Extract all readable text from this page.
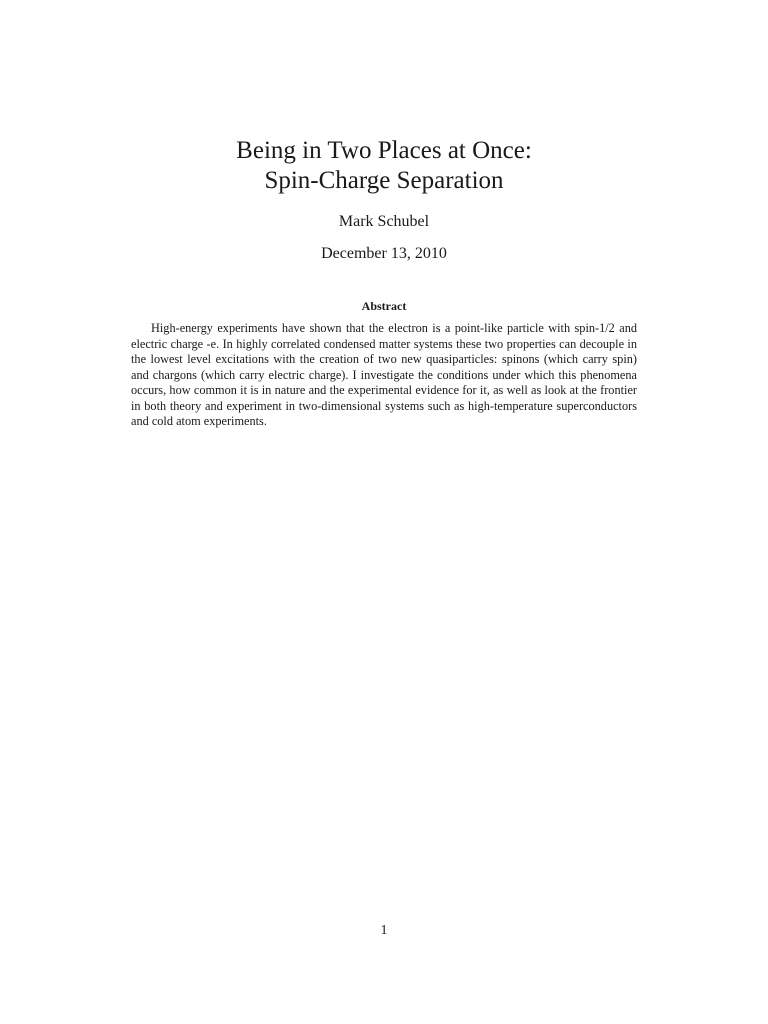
Being in Two Places at Once:
Spin-Charge Separation
Mark Schubel
December 13, 2010
Abstract

High-energy experiments have shown that the electron is a point-like particle with spin-1/2 and electric charge -e. In highly correlated condensed matter systems these two properties can decouple in the lowest level excitations with the creation of two new quasiparticles: spinons (which carry spin) and chargons (which carry electric charge). I investigate the conditions under which this phenomena occurs, how common it is in nature and the experimental evidence for it, as well as look at the frontier in both theory and experiment in two-dimensional systems such as high-temperature superconductors and cold atom experiments.

1
